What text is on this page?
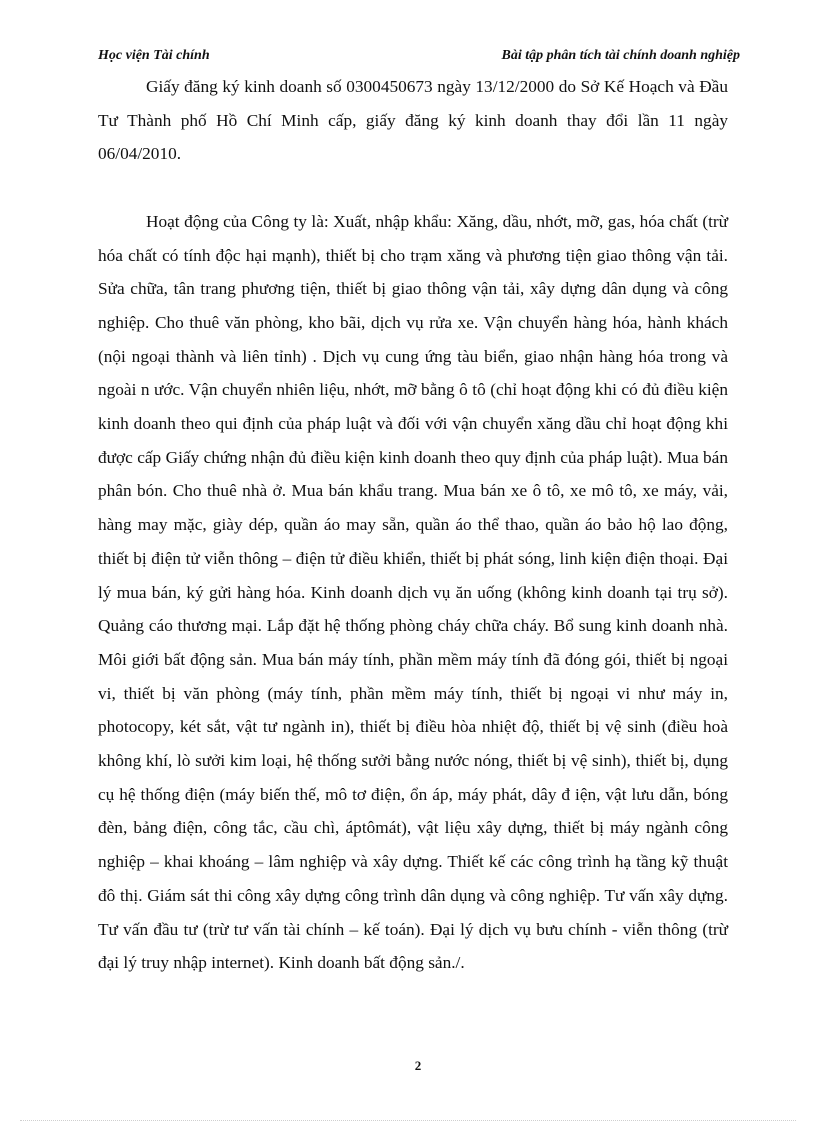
Học viện Tài chính	Bài tập phân tích tài chính doanh nghiệp

Giấy đăng ký kinh doanh số 0300450673 ngày 13/12/2000 do Sở Kế Hoạch và Đầu Tư Thành phố Hồ Chí Minh cấp, giấy đăng ký kinh doanh thay đổi lần 11 ngày 06/04/2010.

Hoạt động của Công ty là: Xuất, nhập khẩu: Xăng, dầu, nhớt, mỡ, gas, hóa chất (trừ hóa chất có tính độc hại mạnh), thiết bị cho trạm xăng và phương tiện giao thông vận tải. Sửa chữa, tân trang phương tiện, thiết bị giao thông vận tải, xây dựng dân dụng và công nghiệp. Cho thuê văn phòng, kho bãi, dịch vụ rửa xe. Vận chuyển hàng hóa, hành khách (nội ngoại thành và liên tỉnh) . Dịch vụ cung ứng tàu biển, giao nhận hàng hóa trong và ngoài n ước. Vận chuyển nhiên liệu, nhớt, mỡ bằng ô tô (chỉ hoạt động khi có đủ điều kiện kinh doanh theo qui định của pháp luật và đối với vận chuyển xăng dầu chỉ hoạt động khi được cấp Giấy chứng nhận đủ điều kiện kinh doanh theo quy định của pháp luật). Mua bán phân bón. Cho thuê nhà ở. Mua bán khẩu trang. Mua bán xe ô tô, xe mô tô, xe máy, vải, hàng may mặc, giày dép, quần áo may sẵn, quần áo thể thao, quần áo bảo hộ lao động, thiết bị điện tử viễn thông – điện tử điều khiển, thiết bị phát sóng, linh kiện điện thoại. Đại lý mua bán, ký gửi hàng hóa. Kinh doanh dịch vụ ăn uống (không kinh doanh tại trụ sở). Quảng cáo thương mại. Lắp đặt hệ thống phòng cháy chữa cháy. Bổ sung kinh doanh nhà. Môi giới bất động sản. Mua bán máy tính, phần mềm máy tính đã đóng gói, thiết bị ngoại vi, thiết bị văn phòng (máy tính, phần mềm máy tính, thiết bị ngoại vi như máy in, photocopy, két sắt, vật tư ngành in), thiết bị điều hòa nhiệt độ, thiết bị vệ sinh (điều hoà không khí, lò sưởi kim loại, hệ thống sưởi bằng nước nóng, thiết bị vệ sinh), thiết bị, dụng cụ hệ thống điện (máy biến thế, mô tơ điện, ổn áp, máy phát, dây đ iện, vật lưu dẫn, bóng đèn, bảng điện, công tắc, cầu chì, áptômát), vật liệu xây dựng, thiết bị máy ngành công nghiệp – khai khoáng – lâm nghiệp và xây dựng. Thiết kế các công trình hạ tầng kỹ thuật đô thị. Giám sát thi công xây dựng công trình dân dụng và công nghiệp. Tư vấn xây dựng. Tư vấn đầu tư (trừ tư vấn tài chính – kế toán). Đại lý dịch vụ bưu chính - viễn thông (trừ đại lý truy nhập internet). Kinh doanh bất động sản./.

2
